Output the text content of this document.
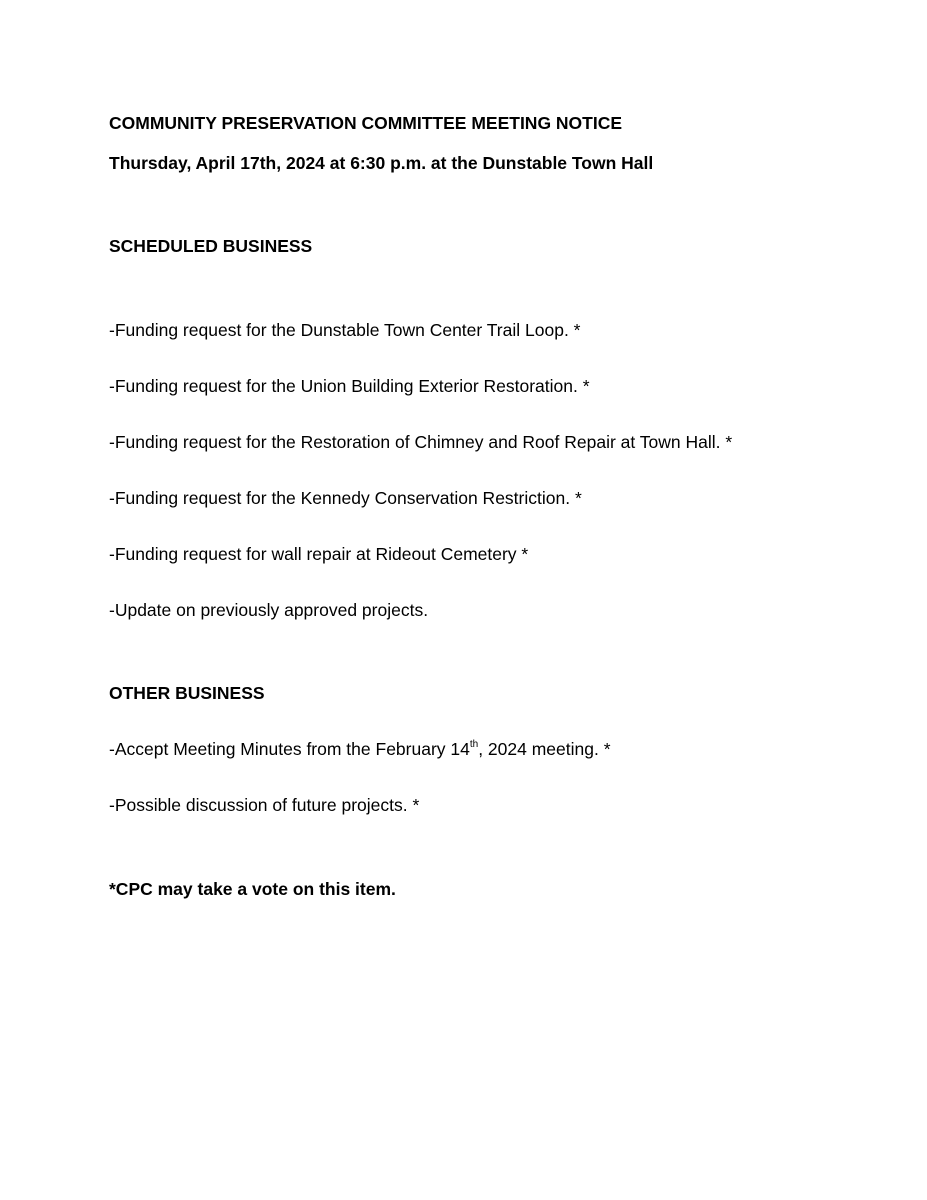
COMMUNITY PRESERVATION COMMITTEE MEETING NOTICE
Thursday, April 17th, 2024 at 6:30 p.m. at the Dunstable Town Hall
SCHEDULED BUSINESS
-Funding request for the Dunstable Town Center Trail Loop. *
-Funding request for the Union Building Exterior Restoration. *
-Funding request for the Restoration of Chimney and Roof Repair at Town Hall. *
-Funding request for the Kennedy Conservation Restriction. *
-Funding request for wall repair at Rideout Cemetery *
-Update on previously approved projects.
OTHER BUSINESS
-Accept Meeting Minutes from the February 14th, 2024 meeting. *
-Possible discussion of future projects. *
*CPC may take a vote on this item.
